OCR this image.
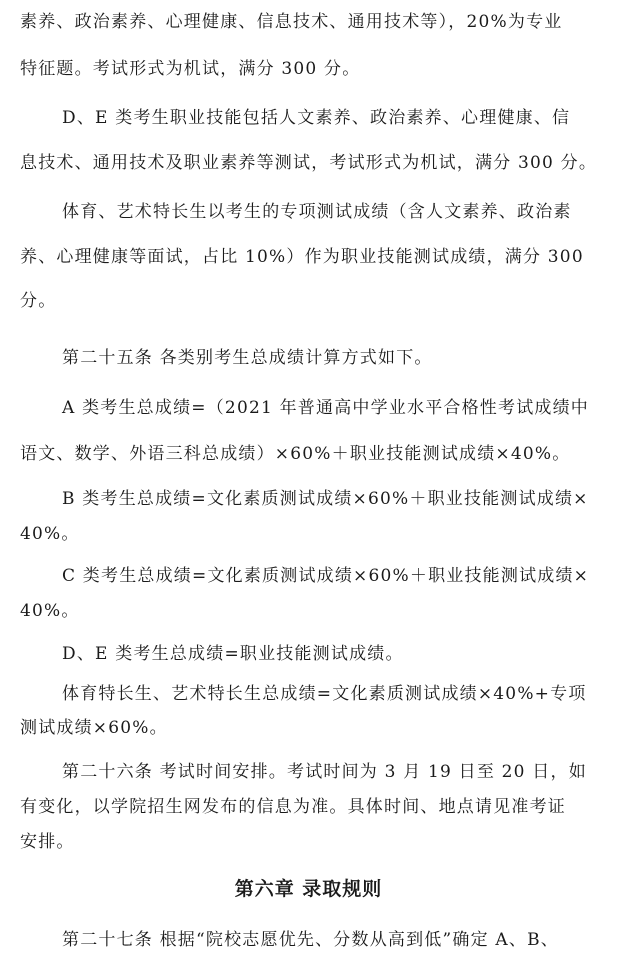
素养、政治素养、心理健康、信息技术、通用技术等），20%为专业
特征题。考试形式为机试，满分 300 分。
D、E 类考生职业技能包括人文素养、政治素养、心理健康、信
息技术、通用技术及职业素养等测试，考试形式为机试，满分 300 分。
体育、艺术特长生以考生的专项测试成绩（含人文素养、政治素
养、心理健康等面试，占比 10%）作为职业技能测试成绩，满分 300
分。
第二十五条 各类别考生总成绩计算方式如下。
A 类考生总成绩=（2021 年普通高中学业水平合格性考试成绩中
语文、数学、外语三科总成绩）×60%＋职业技能测试成绩×40%。
B 类考生总成绩=文化素质测试成绩×60%＋职业技能测试成绩×
40%。
C 类考生总成绩=文化素质测试成绩×60%＋职业技能测试成绩×
40%。
D、E 类考生总成绩=职业技能测试成绩。
体育特长生、艺术特长生总成绩=文化素质测试成绩×40%+专项
测试成绩×60%。
第二十六条 考试时间安排。考试时间为 3 月 19 日至 20 日，如
有变化，以学院招生网发布的信息为准。具体时间、地点请见准考证
安排。
第六章 录取规则
第二十七条 根据“院校志愿优先、分数从高到低”确定 A、B、
